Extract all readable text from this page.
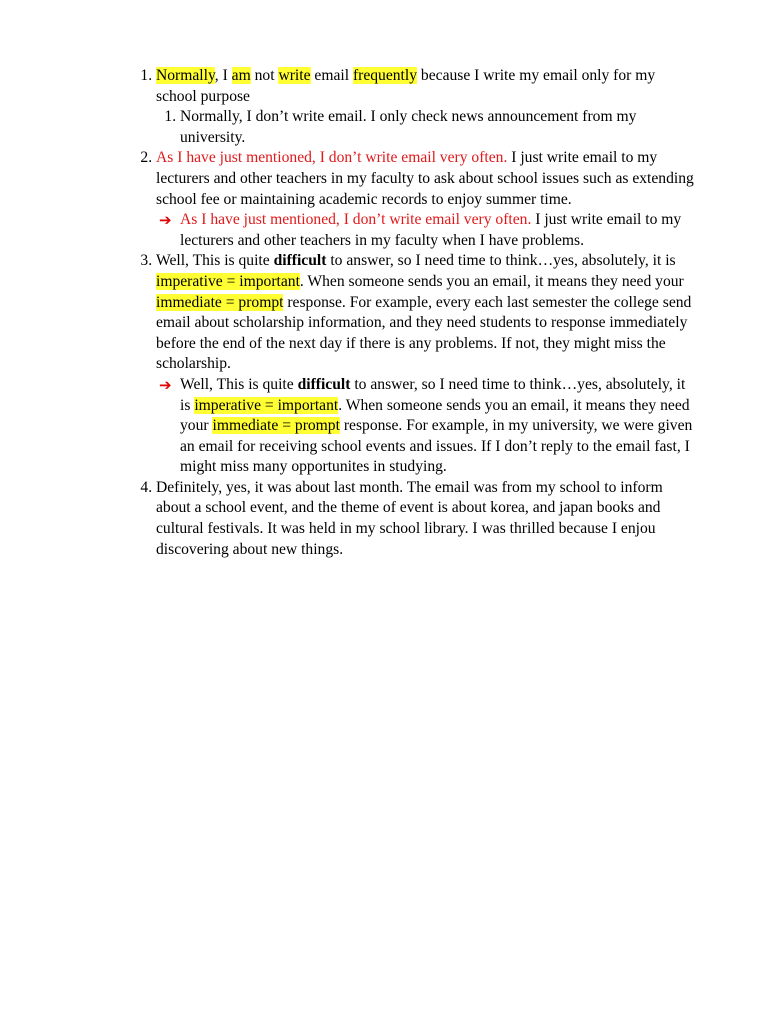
1. Normally, I am not write email frequently because I write my email only for my school purpose
1. Normally, I don’t write email. I only check news announcement from my university.
2. As I have just mentioned, I don’t write email very often. I just write email to my lecturers and other teachers in my faculty to ask about school issues such as extending school fee or maintaining academic records to enjoy summer time.

➔ As I have just mentioned, I don’t write email very often. I just write email to my lecturers and other teachers in my faculty when I have problems.

3. Well, This is quite difficult to answer, so I need time to think…yes, absolutely, it is imperative = important. When someone sends you an email, it means they need your immediate = prompt response. For example, every each last semester the college send email about scholarship information, and they need students to response immediately before the end of the next day if there is any problems. If not, they might miss the scholarship.

➔ Well, This is quite difficult to answer, so I need time to think…yes, absolutely, it is imperative = important. When someone sends you an email, it means they need your immediate = prompt response. For example, in my university, we were given an email for receiving school events and issues. If I don’t reply to the email fast, I might miss many opportunites in studying.

4. Definitely, yes, it was about last month. The email was from my school to inform about a school event, and the theme of event is about korea, and japan books and cultural festivals. It was held in my school library. I was thrilled because I enjou discovering about new things.
